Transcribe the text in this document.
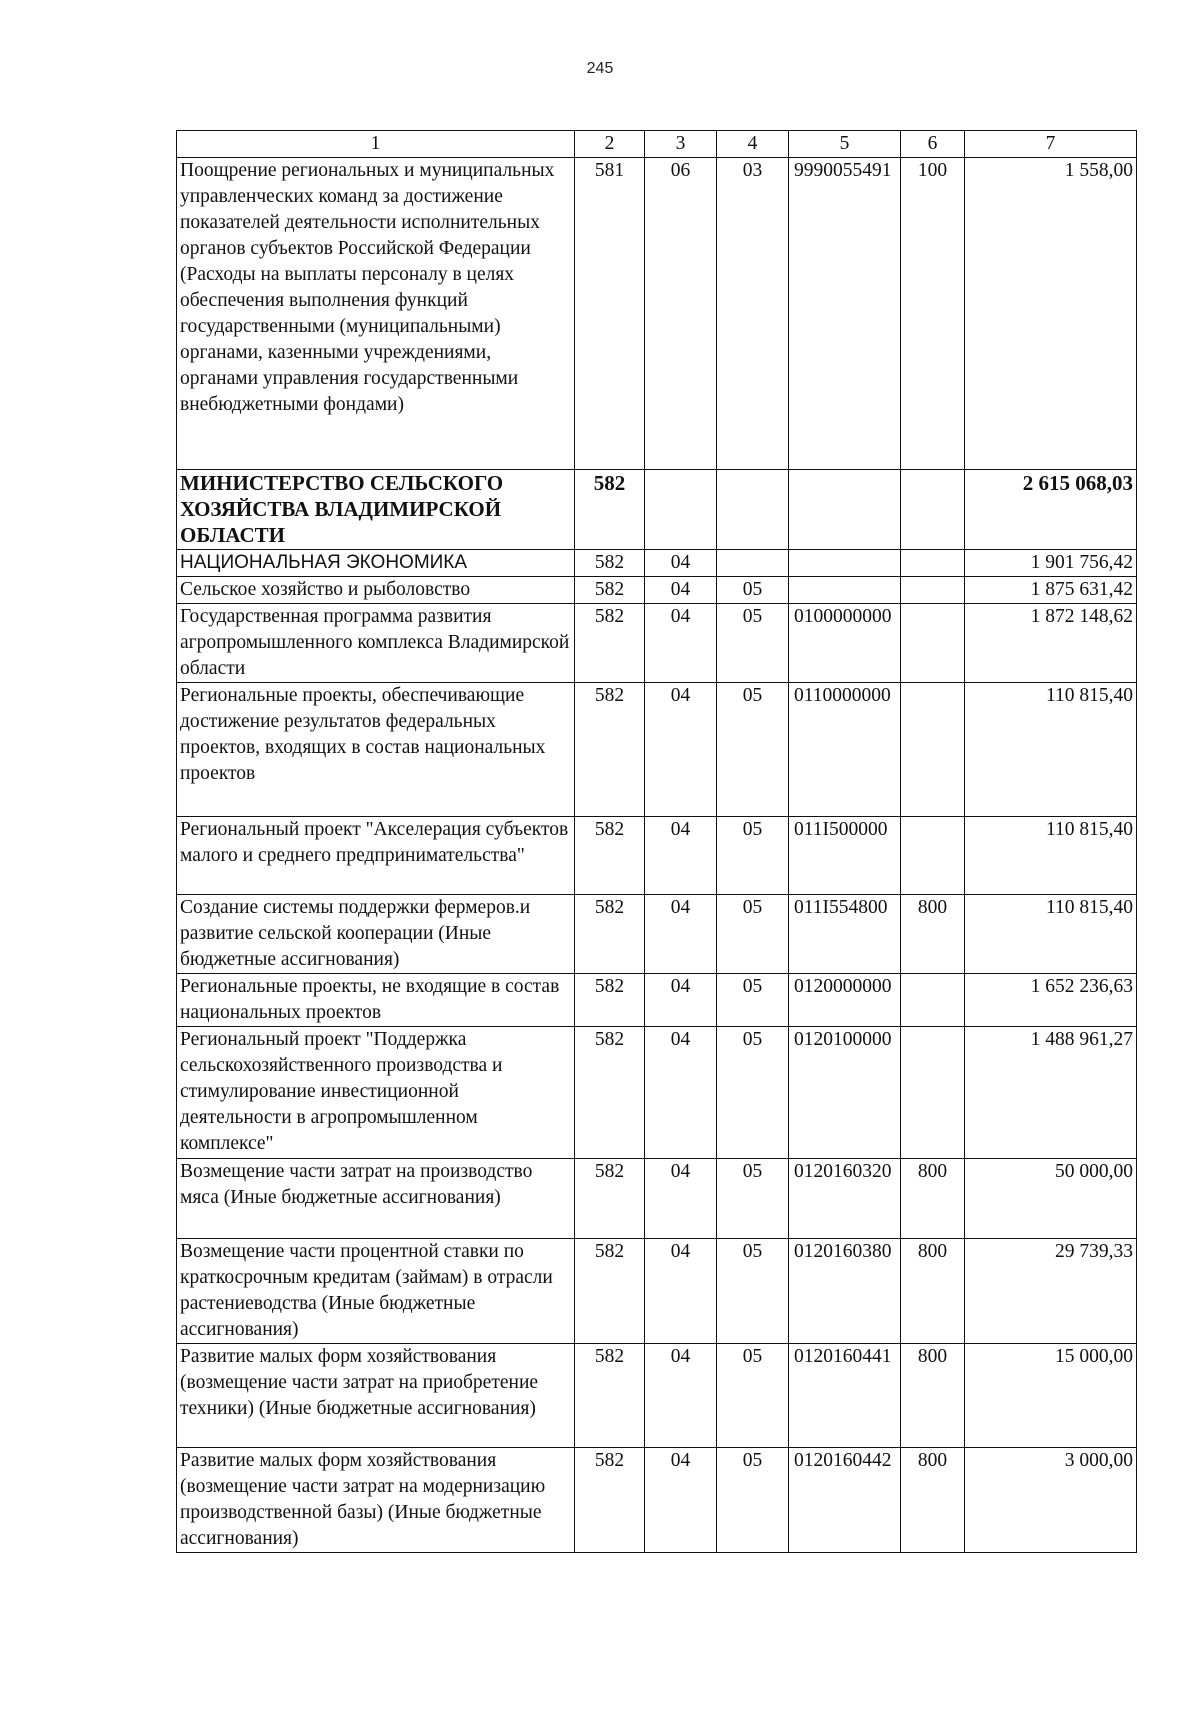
245
1	2	3	4	5	6	7
Поощрение региональных и муниципальных управленческих команд за достижение показателей деятельности исполнительных органов субъектов Российской Федерации (Расходы на выплаты персоналу в целях обеспечения выполнения функций государственными (муниципальными) органами, казенными учреждениями, органами управления государственными внебюджетными фондами)	581	06	03	9990055491	100	1 558,00
МИНИСТЕРСТВО СЕЛЬСКОГО ХОЗЯЙСТВА ВЛАДИМИРСКОЙ ОБЛАСТИ	582					2 615 068,03
НАЦИОНАЛЬНАЯ ЭКОНОМИКА	582	04				1 901 756,42
Сельское хозяйство и рыболовство	582	04	05			1 875 631,42
Государственная программа развития агропромышленного комплекса Владимирской области	582	04	05	0100000000		1 872 148,62
Региональные проекты, обеспечивающие достижение результатов федеральных проектов, входящих в состав национальных проектов	582	04	05	0110000000		110 815,40
Региональный проект "Акселерация субъектов малого и среднего предпринимательства"	582	04	05	011I500000		110 815,40
Создание системы поддержки фермеров.и развитие сельской кооперации (Иные бюджетные ассигнования)	582	04	05	011I554800	800	110 815,40
Региональные проекты, не входящие в состав национальных проектов	582	04	05	0120000000		1 652 236,63
Региональный проект "Поддержка сельскохозяйственного производства и стимулирование инвестиционной деятельности в агропромышленном комплексе"	582	04	05	0120100000		1 488 961,27
Возмещение части затрат на производство мяса (Иные бюджетные ассигнования)	582	04	05	0120160320	800	50 000,00
Возмещение части процентной ставки по краткосрочным кредитам (займам) в отрасли растениеводства (Иные бюджетные ассигнования)	582	04	05	0120160380	800	29 739,33
Развитие малых форм хозяйствования (возмещение части затрат на приобретение техники) (Иные бюджетные ассигнования)	582	04	05	0120160441	800	15 000,00
Развитие малых форм хозяйствования (возмещение части затрат на модернизацию производственной базы) (Иные бюджетные ассигнования)	582	04	05	0120160442	800	3 000,00
